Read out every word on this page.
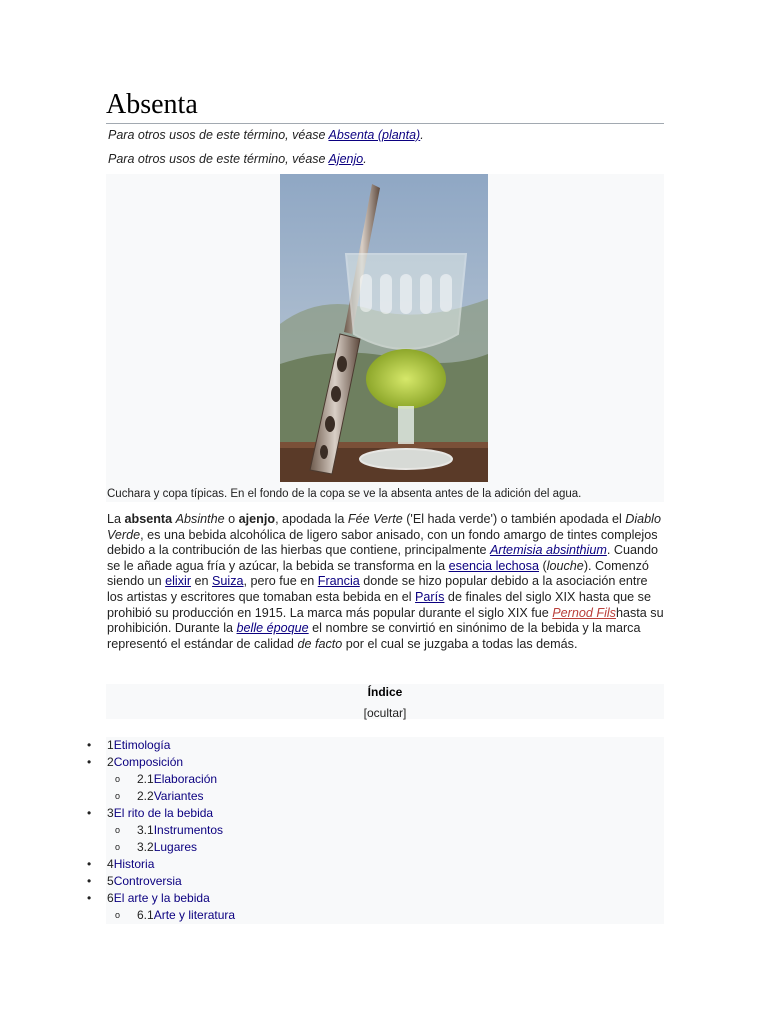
Absenta
Para otros usos de este término, véase Absenta (planta).
Para otros usos de este término, véase Ajenjo.
Cuchara y copa típicas. En el fondo de la copa se ve la absenta antes de la adición del agua.

La absenta Absinthe o ajenjo, apodada la Fée Verte ('El hada verde') o también apodada el Diablo Verde, es una bebida alcohólica de ligero sabor anisado, con un fondo amargo de tintes complejos debido a la contribución de las hierbas que contiene, principalmente Artemisia absinthium. Cuando se le añade agua fría y azúcar, la bebida se transforma en la esencia lechosa (louche). Comenzó siendo un elixir en Suiza, pero fue en Francia donde se hizo popular debido a la asociación entre los artistas y escritores que tomaban esta bebida en el París de finales del siglo XIX hasta que se prohibió su producción en 1915. La marca más popular durante el siglo XIX fue Pernod Filshasta su prohibición. Durante la belle époque el nombre se convirtió en sinónimo de la bebida y la marca representó el estándar de calidad de facto por el cual se juzgaba a todas las demás.

Índice
[ocultar]
• 1Etimología
• 2Composición
o 2.1Elaboración
o 2.2Variantes
• 3El rito de la bebida
o 3.1Instrumentos
o 3.2Lugares
• 4Historia
• 5Controversia
• 6El arte y la bebida
o 6.1Arte y literatura
